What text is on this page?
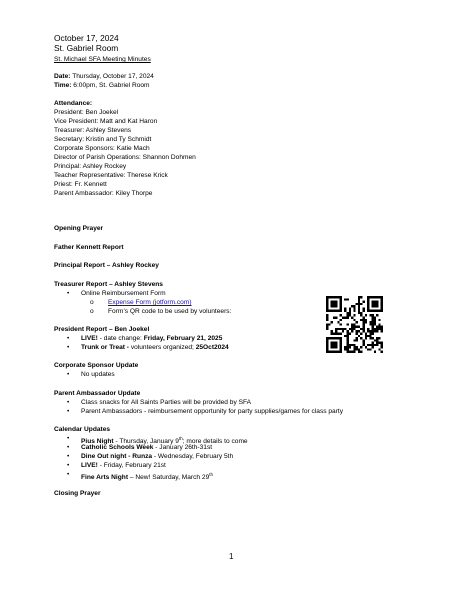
October 17, 2024
St. Gabriel Room
St. Michael SFA Meeting Minutes
Date: Thursday, October 17, 2024
Time: 6:00pm, St. Gabriel Room
Attendance:
President: Ben Joekel
Vice President: Matt and Kat Haron
Treasurer: Ashley Stevens
Secretary: Kristin and Ty Schmidt
Corporate Sponsors: Katie Mach
Director of Parish Operations: Shannon Dohmen
Principal: Ashley Rockey
Teacher Representative: Therese Krick
Priest: Fr. Kennett
Parent Ambassador: Kiley Thorpe
Opening Prayer
Father Kennett Report
Principal Report – Ashley Rockey
Treasurer Report – Ashley Stevens
• Online Reimbursement Form
o Expense Form (jotform.com)
o Form’s QR code to be used by volunteers:
President Report – Ben Joekel
• LIVE! - date change: Friday, February 21, 2025
• Trunk or Treat - volunteers organized; 25Oct2024
Corporate Sponsor Update
• No updates
Parent Ambassador Update
• Class snacks for All Saints Parties will be provided by SFA
• Parent Ambassadors - reimbursement opportunity for party supplies/games for class party
Calendar Updates
• Pius Night - Thursday, January 9th; more details to come
• Catholic Schools Week - January 26th-31st
• Dine Out night - Runza - Wednesday, February 5th
• LIVE! - Friday, February 21st
• Fine Arts Night – New! Saturday, March 29th
Closing Prayer
1
